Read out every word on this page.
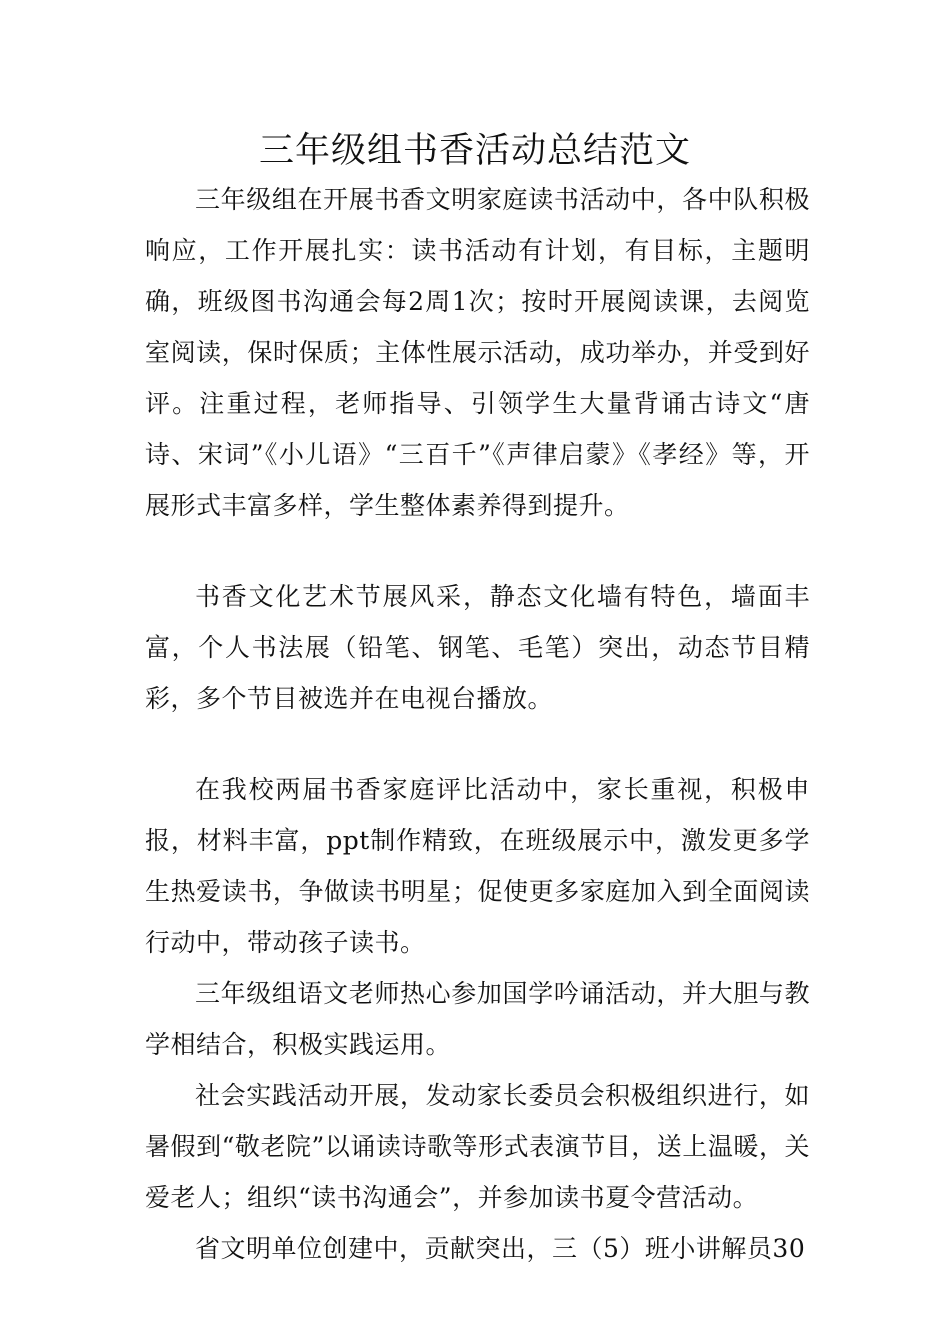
三年级组书香活动总结范文

三年级组在开展书香文明家庭读书活动中，各中队积极响应，工作开展扎实：读书活动有计划，有目标，主题明确，班级图书沟通会每2周1次；按时开展阅读课，去阅览室阅读，保时保质；主体性展示活动，成功举办，并受到好评。注重过程，老师指导、引领学生大量背诵古诗文“唐诗、宋词”《小儿语》“三百千”《声律启蒙》《孝经》等，开展形式丰富多样，学生整体素养得到提升。

书香文化艺术节展风采，静态文化墙有特色，墙面丰富，个人书法展（铅笔、钢笔、毛笔）突出，动态节目精彩，多个节目被选并在电视台播放。

在我校两届书香家庭评比活动中，家长重视，积极申报，材料丰富，ppt制作精致，在班级展示中，激发更多学生热爱读书，争做读书明星；促使更多家庭加入到全面阅读行动中，带动孩子读书。

三年级组语文老师热心参加国学吟诵活动，并大胆与教学相结合，积极实践运用。

社会实践活动开展，发动家长委员会积极组织进行，如暑假到“敬老院”以诵读诗歌等形式表演节目，送上温暖，关爱老人；组织“读书沟通会”，并参加读书夏令营活动。

省文明单位创建中，贡献突出，三（5）班小讲解员30
